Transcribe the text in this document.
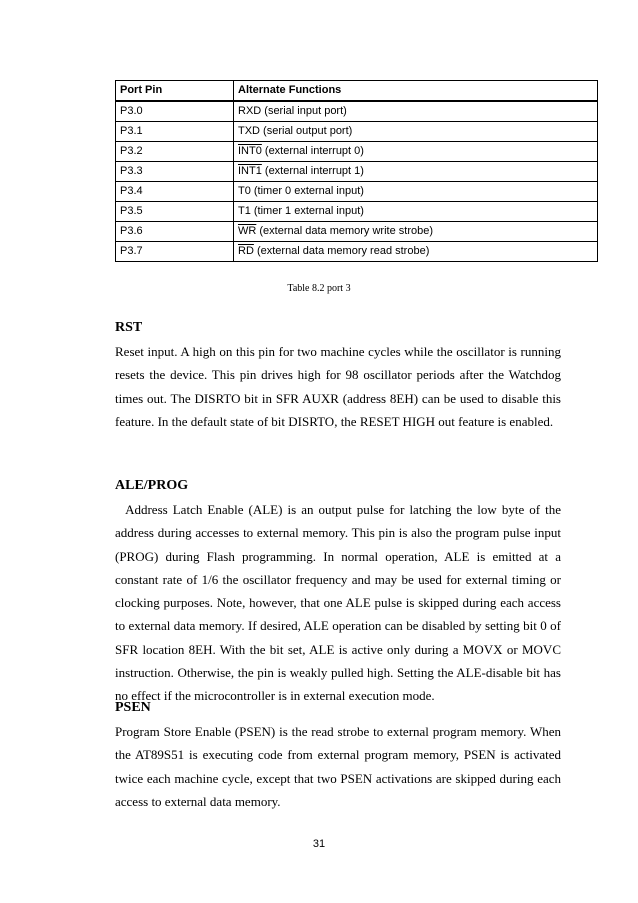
Port Pin	Alternate Functions
P3.0	RXD (serial input port)
P3.1	TXD (serial output port)
P3.2	INT0 (external interrupt 0)
P3.3	INT1 (external interrupt 1)
P3.4	T0 (timer 0 external input)
P3.5	T1 (timer 1 external input)
P3.6	$\overline{WR}$ (external data memory write strobe)
P3.7	$\overline{RD}$ (external data memory read strobe)
Table 8.2 port 3
RST

Reset input. A high on this pin for two machine cycles while the oscillator is running resets the device. This pin drives high for 98 oscillator periods after the Watchdog times out. The DISRTO bit in SFR AUXR (address 8EH) can be used to disable this feature. In the default state of bit DISRTO, the RESET HIGH out feature is enabled.

ALE/PROG

Address Latch Enable (ALE) is an output pulse for latching the low byte of the address during accesses to external memory. This pin is also the program pulse input (PROG) during Flash programming. In normal operation, ALE is emitted at a constant rate of 1/6 the oscillator frequency and may be used for external timing or clocking purposes. Note, however, that one ALE pulse is skipped during each access to external data memory. If desired, ALE operation can be disabled by setting bit 0 of SFR location 8EH. With the bit set, ALE is active only during a MOVX or MOVC instruction. Otherwise, the pin is weakly pulled high. Setting the ALE-disable bit has no effect if the microcontroller is in external execution mode.

PSEN

Program Store Enable (PSEN) is the read strobe to external program memory. When the AT89S51 is executing code from external program memory, PSEN is activated twice each machine cycle, except that two PSEN activations are skipped during each access to external data memory.

31
